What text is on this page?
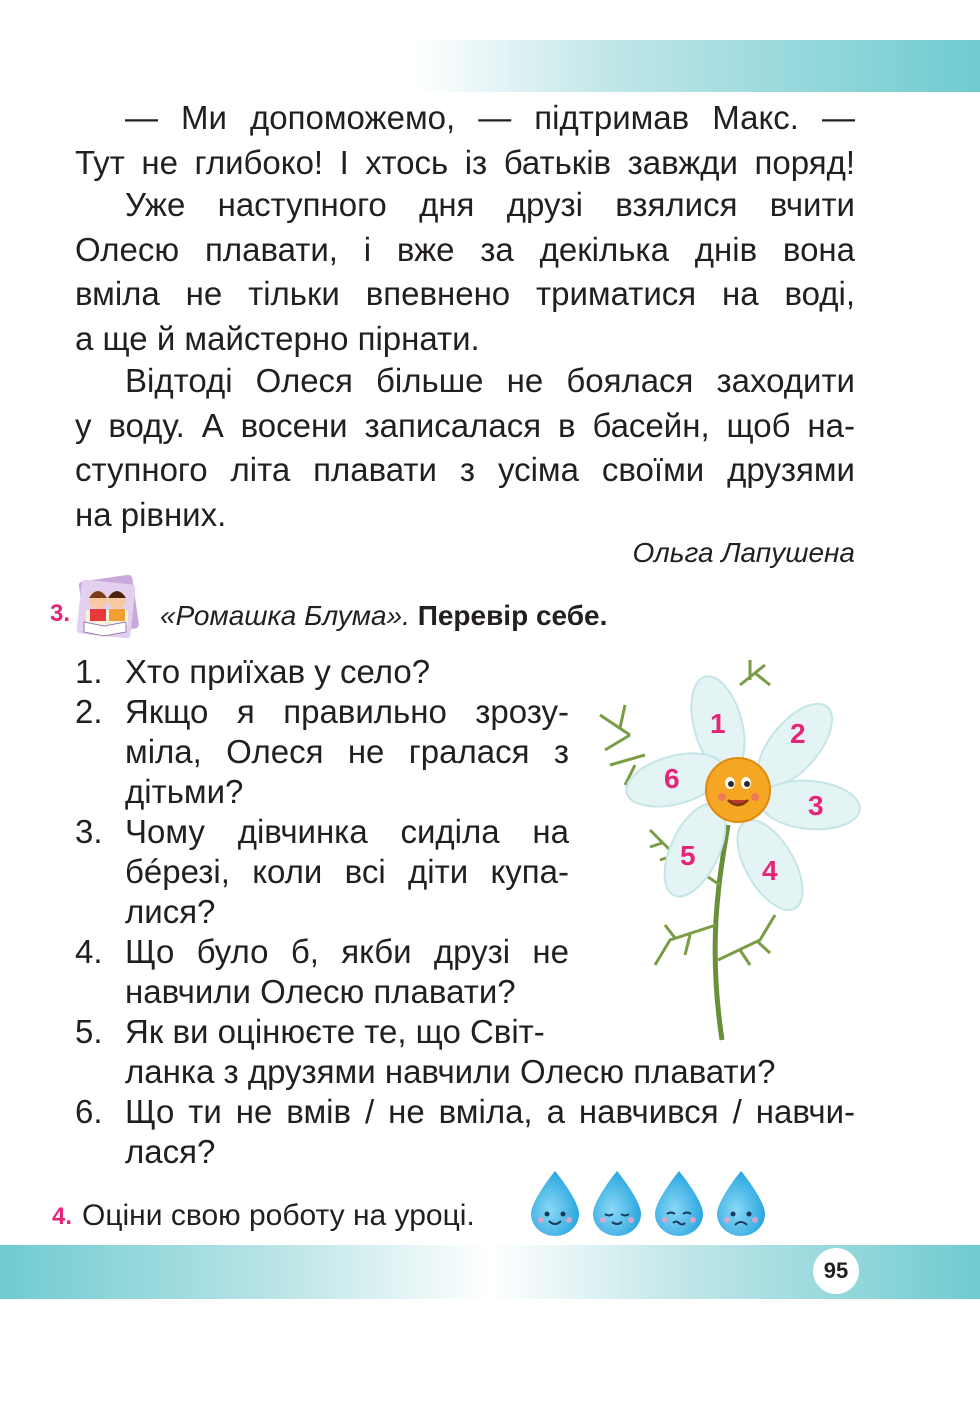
— Ми допоможемо, — підтримав Макс. —
Тут не глибоко! І хтось із батьків завжди поряд!
Уже наступного дня друзі взялися вчити
Олесю плавати, і вже за декілька днів вона
вміла не тільки впевнено триматися на воді,
а ще й майстерно пірнати.
Відтоді Олеся більше не боялася заходити
у воду. А восени записалася в басейн, щоб на-
ступного літа плавати з усіма своїми друзями
на рівних.
Ольга Лапушена
3.	«Ромашка Блума». Перевір себе.
1. Хто приїхав у село?
2. Якщо я правильно зрозу-
міла, Олеся не гралася з
дітьми?
3. Чому дівчинка сиділа на
бéрезі, коли всі діти купа-
лися?
4. Що було б, якби друзі не
навчили Олесю плавати?
5. Як ви оцінюєте те, що Світ-
ланка з друзями навчили Олесю плавати?
6. Що ти не вмів / не вміла, а навчився / навчи-
лася?
1 2
3
4
5
6
4. Оціни свою роботу на уроці.
95
